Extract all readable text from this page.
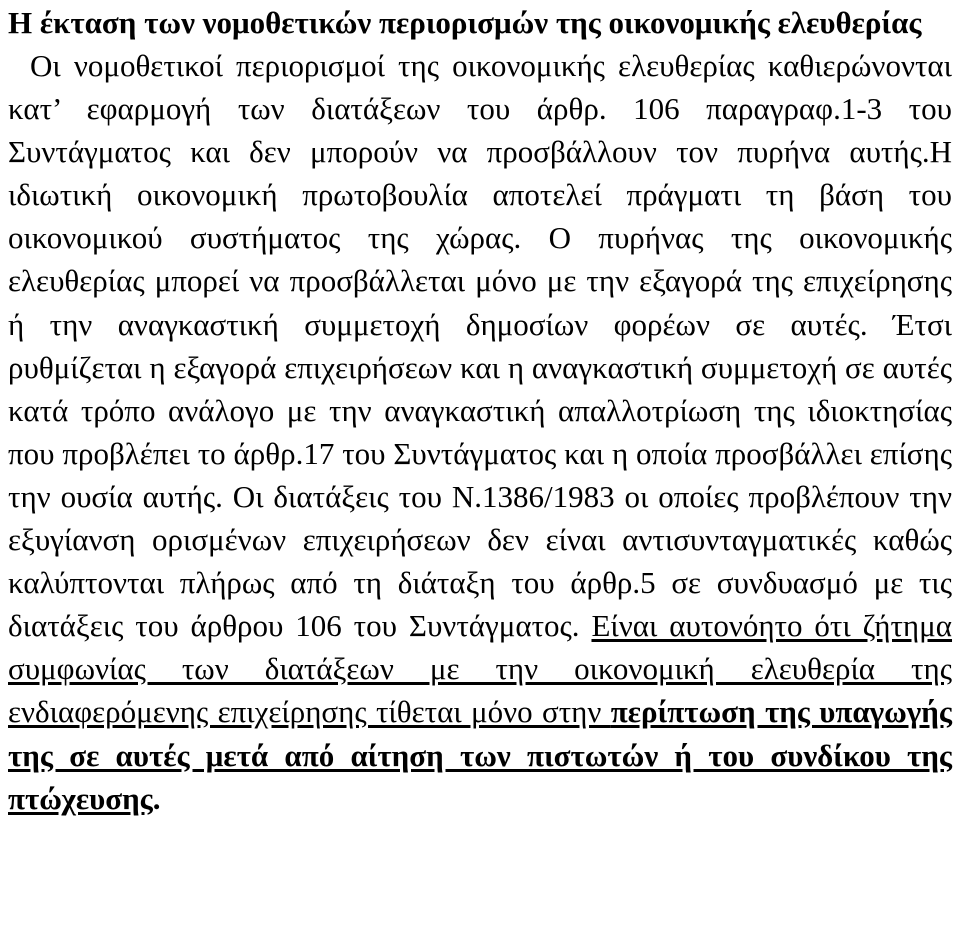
Η έκταση των νομοθετικών περιορισμών της οικονομικής ελευθερίας

Οι νομοθετικοί περιορισμοί της οικονομικής ελευθερίας καθιερώνονται κατ’ εφαρμογή των διατάξεων του άρθρ. 106 παραγραφ.1-3 του Συντάγματος και δεν μπορούν να προσβάλλουν τον πυρήνα αυτής.Η ιδιωτική οικονομική πρωτοβουλία αποτελεί πράγματι τη βάση του οικονομικού συστήματος της χώρας. Ο πυρήνας της οικονομικής ελευθερίας μπορεί να προσβάλλεται μόνο με την εξαγορά της επιχείρησης ή την αναγκαστική συμμετοχή δημοσίων φορέων σε αυτές. Έτσι ρυθμίζεται η εξαγορά επιχειρήσεων και η αναγκαστική συμμετοχή σε αυτές κατά τρόπο ανάλογο με την αναγκαστική απαλλοτρίωση της ιδιοκτησίας που προβλέπει το άρθρ.17 του Συντάγματος και η οποία προσβάλλει επίσης την ουσία αυτής. Οι διατάξεις του Ν.1386/1983 οι οποίες προβλέπουν την εξυγίανση ορισμένων επιχειρήσεων δεν είναι αντισυνταγματικές καθώς καλύπτονται πλήρως από τη διάταξη του άρθρ.5 σε συνδυασμό με τις διατάξεις του άρθρου 106 του Συντάγματος. Είναι αυτονόητο ότι ζήτημα συμφωνίας των διατάξεων με την οικονομική ελευθερία της ενδιαφερόμενης επιχείρησης τίθεται μόνο στην περίπτωση της υπαγωγής της σε αυτές μετά από αίτηση των πιστωτών ή του συνδίκου της πτώχευσης.
